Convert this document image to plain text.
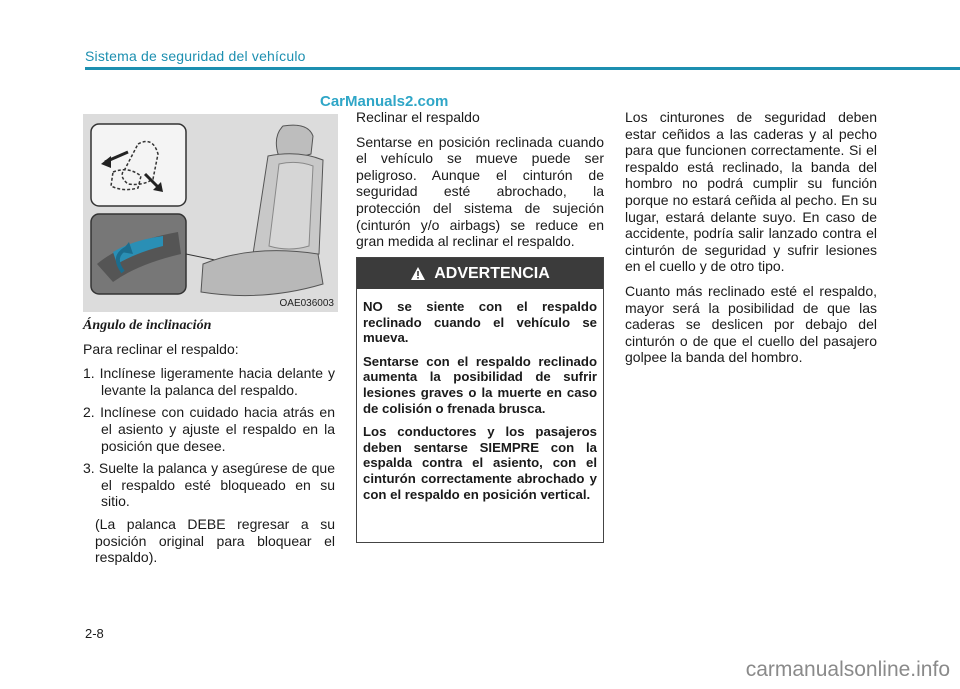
Sistema de seguridad del vehículo
CarManuals2.com
OAE036003
Ángulo de inclinación

Para reclinar el respaldo:

1. Inclínese ligeramente hacia delante y levante la palanca del respaldo.
2. Inclínese con cuidado hacia atrás en el asiento y ajuste el respaldo en la posición que desee.
3. Suelte la palanca y asegúrese de que el respaldo esté bloqueado en su sitio.

(La palanca DEBE regresar a su posición original para bloquear el respaldo).

Reclinar el respaldo

Sentarse en posición reclinada cuando el vehículo se mueve puede ser peligroso. Aunque el cinturón de seguridad esté abrochado, la protección del sistema de sujeción (cinturón y/o airbags) se reduce en gran medida al reclinar el respaldo.

ADVERTENCIA

NO se siente con el respaldo reclinado cuando el vehículo se mueva.

Sentarse con el respaldo reclinado aumenta la posibilidad de sufrir lesiones graves o la muerte en caso de colisión o frenada brusca.

Los conductores y los pasajeros deben sentarse SIEMPRE con la espalda contra el asiento, con el cinturón correctamente abrochado y con el respaldo en posición vertical.

Los cinturones de seguridad deben estar ceñidos a las caderas y al pecho para que funcionen correctamente. Si el respaldo está reclinado, la banda del hombro no podrá cumplir su función porque no estará ceñida al pecho. En su lugar, estará delante suyo. En caso de accidente, podría salir lanzado contra el cinturón de seguridad y sufrir lesiones en el cuello y de otro tipo.

Cuanto más reclinado esté el respaldo, mayor será la posibilidad de que las caderas se deslicen por debajo del cinturón o de que el cuello del pasajero golpee la banda del hombro.

2-8
carmanualsonline.info
